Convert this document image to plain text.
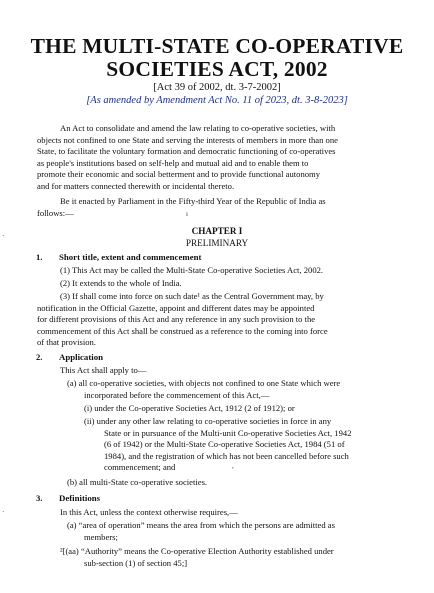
THE MULTI-STATE CO-OPERATIVE
SOCIETIES ACT, 2002
[Act 39 of 2002, dt. 3-7-2002]
[As amended by Amendment Act No. 11 of 2023, dt. 3-8-2023]
An Act to consolidate and amend the law relating to co-operative societies, with
objects not confined to one State and serving the interests of members in more than one
State, to facilitate the voluntary formation and democratic functioning of co-operatives
as people's institutions based on self-help and mutual aid and to enable them to
promote their economic and social betterment and to provide functional autonomy
and for matters connected therewith or incidental thereto.
Be it enacted by Parliament in the Fifty-third Year of the Republic of India as
follows:—
CHAPTER I
PRELIMINARY
1. Short title, extent and commencement
(1) This Act may be called the Multi-State Co-operative Societies Act, 2002.
(2) It extends to the whole of India.
(3) If shall come into force on such date¹ as the Central Government may, by
notification in the Official Gazette, appoint and different dates may be appointed
for different provisions of this Act and any reference in any such provision to the
commencement of this Act shall be construed as a reference to the coming into force
of that provision.
2. Application
This Act shall apply to—
(a) all co-operative societies, with objects not confined to one State which were
incorporated before the commencement of this Act,—
(i) under the Co-operative Societies Act, 1912 (2 of 1912); or
(ii) under any other law relating to co-operative societies in force in any
State or in pursuance of the Multi-unit Co-operative Societies Act, 1942
(6 of 1942) or the Multi-State Co-operative Societies Act, 1984 (51 of
1984), and the registration of which has not been cancelled before such
commencement; and
(b) all multi-State co-operative societies.
3. Definitions
In this Act, unless the context otherwise requires,—
(a) “area of operation” means the area from which the persons are admitted as
members;
²[(aa) “Authority” means the Co-operative Election Authority established under
sub-section (1) of section 45;]
ı
,
·
·
